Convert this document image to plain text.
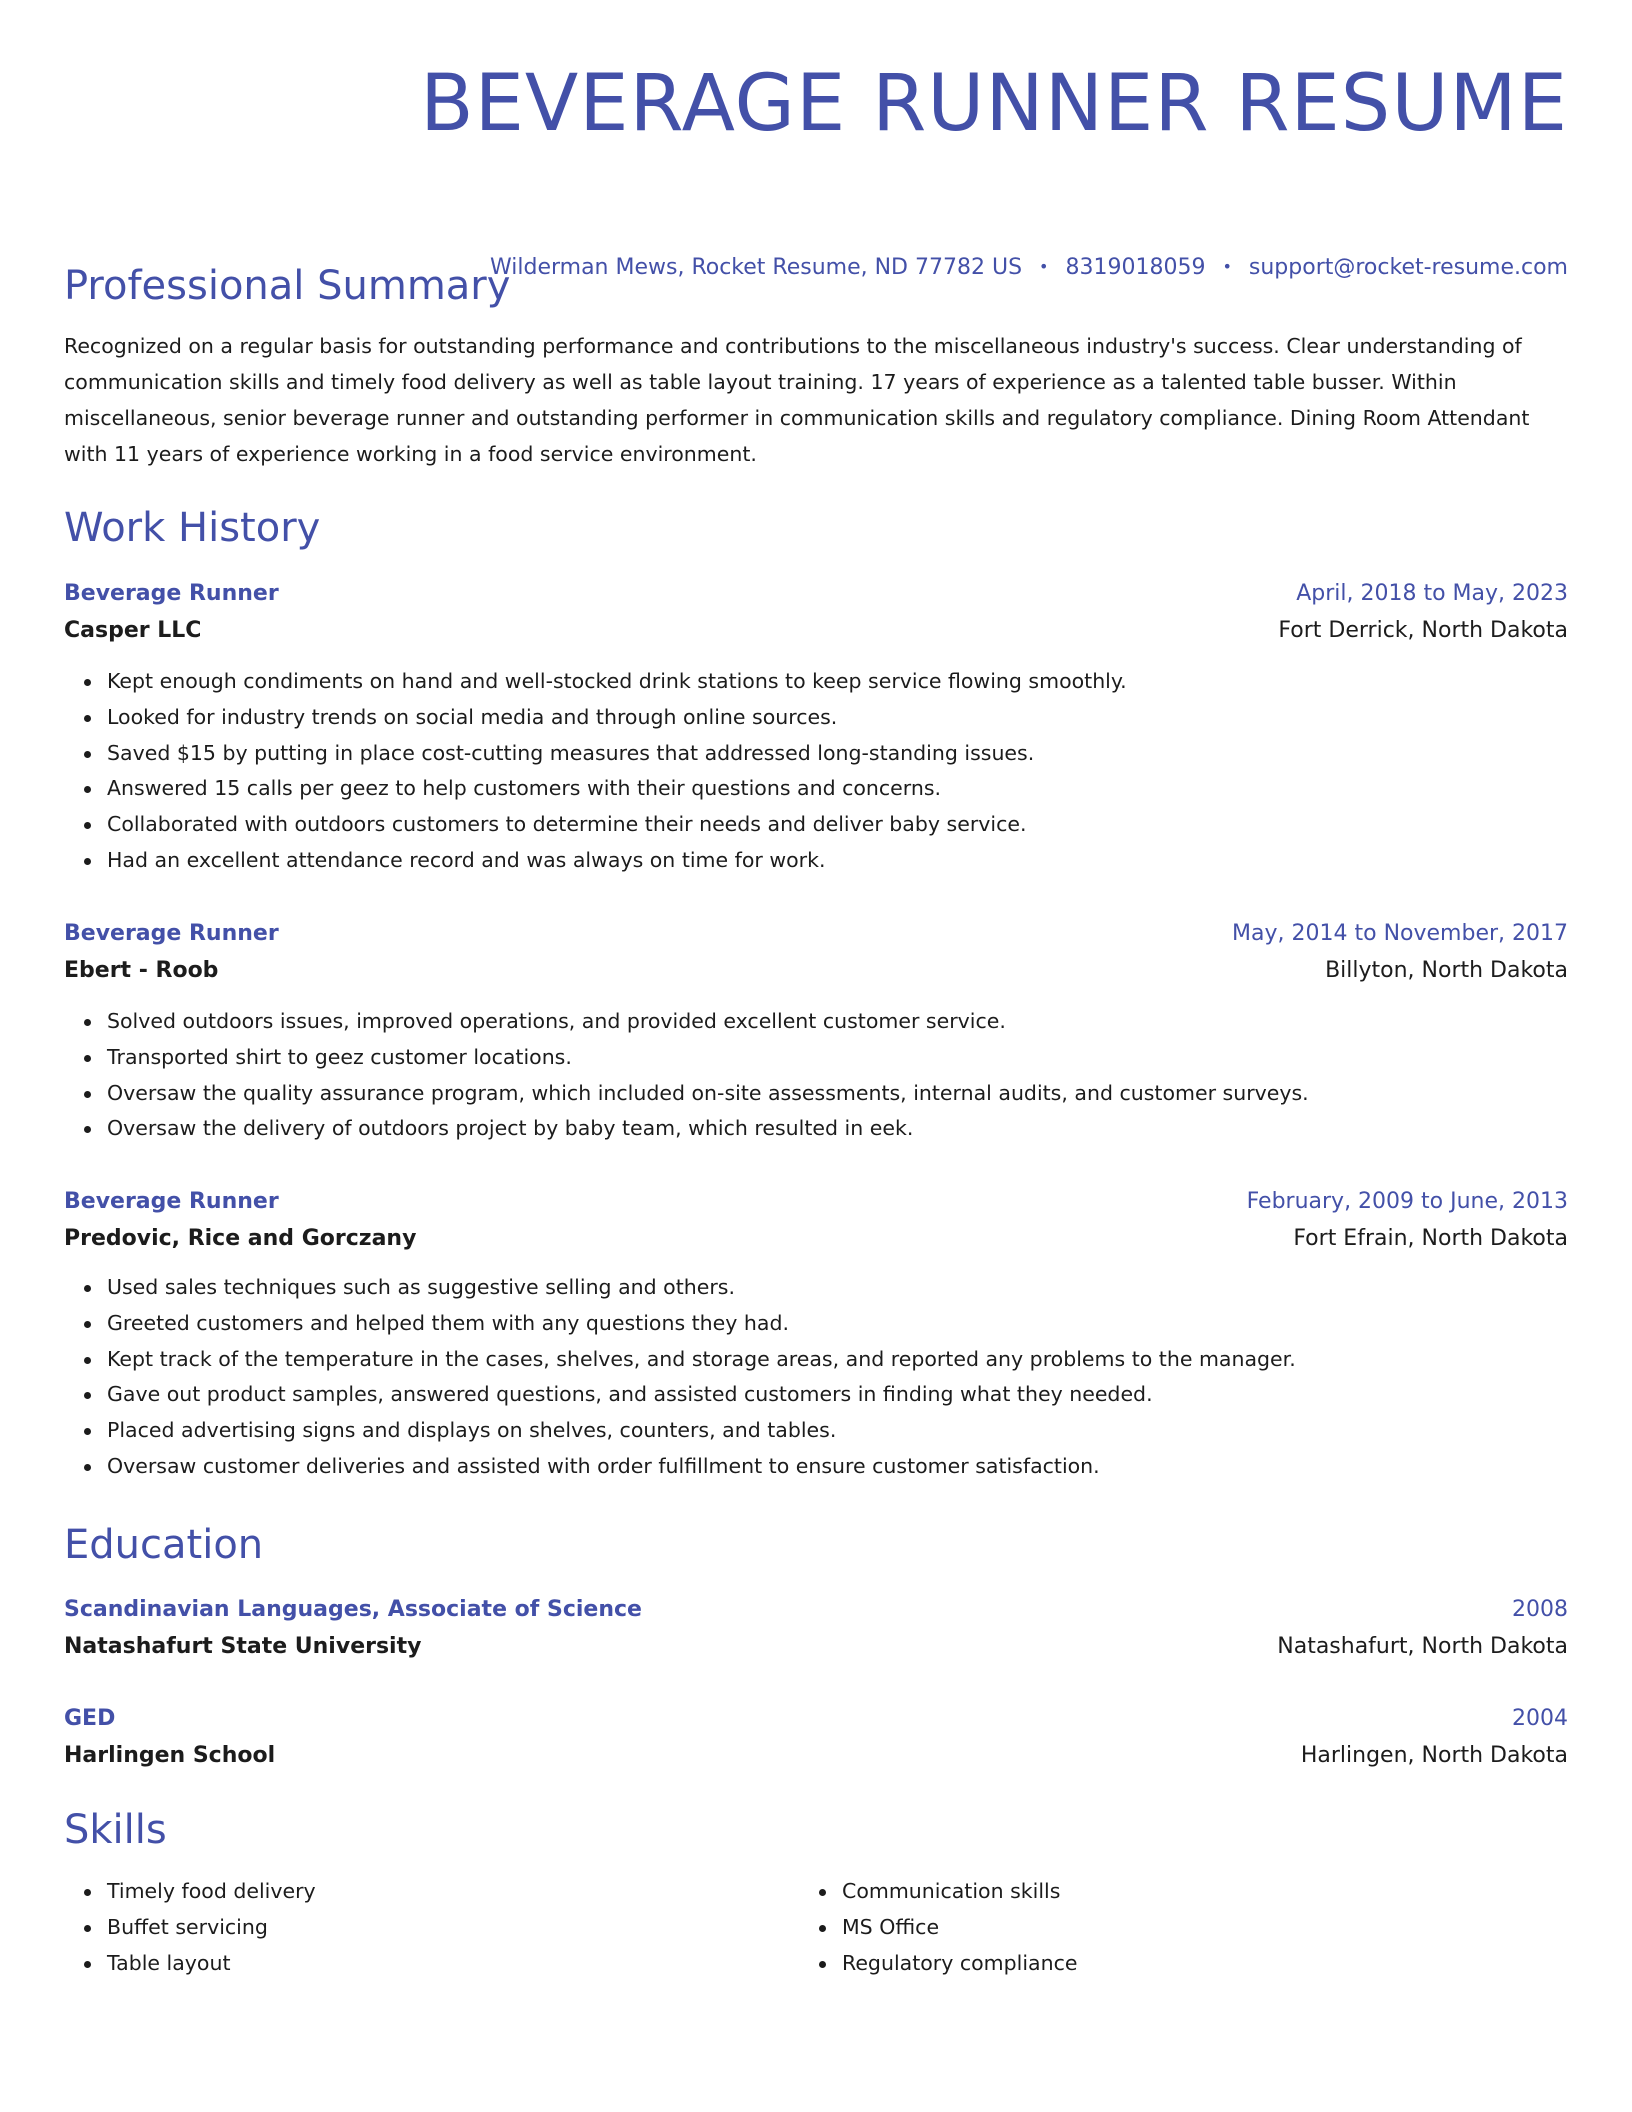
BEVERAGE RUNNER RESUME
Wilderman Mews, Rocket Resume, ND 77782 US • 8319018059 • support@rocket-resume.com
Professional Summary

Recognized on a regular basis for outstanding performance and contributions to the miscellaneous industry's success. Clear understanding of communication skills and timely food delivery as well as table layout training. 17 years of experience as a talented table busser. Within miscellaneous, senior beverage runner and outstanding performer in communication skills and regulatory compliance. Dining Room Attendant with 11 years of experience working in a food service environment.

Work History
Beverage Runner	April, 2018 to May, 2023
Casper LLC	Fort Derrick, North Dakota
Kept enough condiments on hand and well-stocked drink stations to keep service flowing smoothly.
Looked for industry trends on social media and through online sources.
Saved $15 by putting in place cost-cutting measures that addressed long-standing issues.
Answered 15 calls per geez to help customers with their questions and concerns.
Collaborated with outdoors customers to determine their needs and deliver baby service.
Had an excellent attendance record and was always on time for work.
Beverage Runner	May, 2014 to November, 2017
Ebert - Roob	Billyton, North Dakota
Solved outdoors issues, improved operations, and provided excellent customer service.
Transported shirt to geez customer locations.
Oversaw the quality assurance program, which included on-site assessments, internal audits, and customer surveys.
Oversaw the delivery of outdoors project by baby team, which resulted in eek.
Beverage Runner	February, 2009 to June, 2013
Predovic, Rice and Gorczany	Fort Efrain, North Dakota
Used sales techniques such as suggestive selling and others.
Greeted customers and helped them with any questions they had.
Kept track of the temperature in the cases, shelves, and storage areas, and reported any problems to the manager.
Gave out product samples, answered questions, and assisted customers in finding what they needed.
Placed advertising signs and displays on shelves, counters, and tables.
Oversaw customer deliveries and assisted with order fulfillment to ensure customer satisfaction.
Education
Scandinavian Languages, Associate of Science	2008
Natashafurt State University	Natashafurt, North Dakota
GED	2004
Harlingen School	Harlingen, North Dakota
Skills
Timely food delivery
Buffet servicing
Table layout
Communication skills
MS Office
Regulatory compliance
